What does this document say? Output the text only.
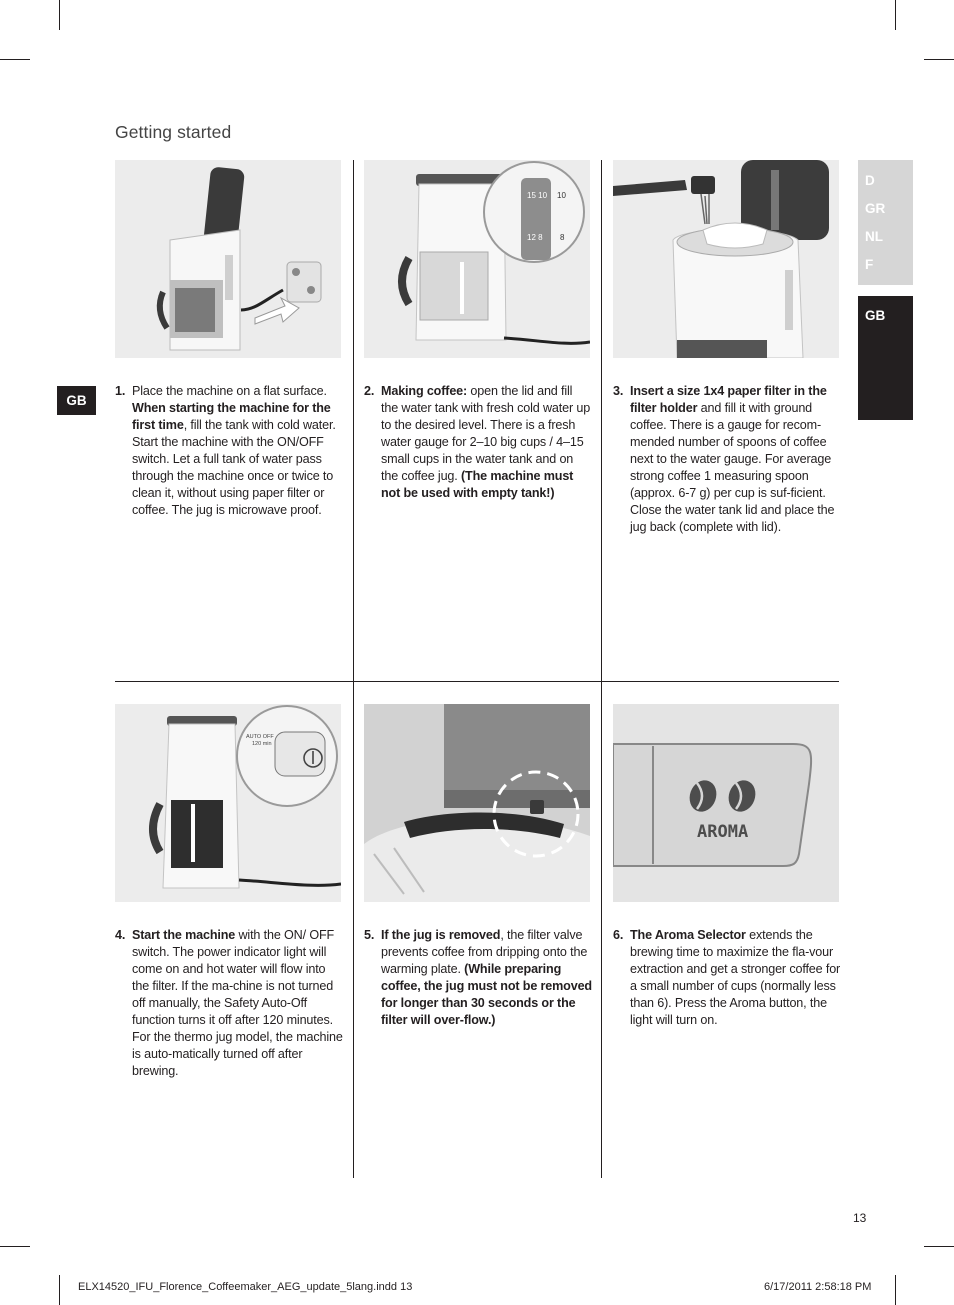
Getting started
D
GR
NL
F
GB
GB
15 10 10
12 8 8
AUTO OFF
120 min
AROMA
1. Place the machine on a flat surface. When starting the machine for the first time, fill the tank with cold water. Start the machine with the ON/OFF switch. Let a full tank of water pass through the machine once or twice to clean it, without using paper filter or coffee. The jug is microwave proof.
2. Making coffee: open the lid and fill the water tank with fresh cold water up to the desired level. There is a fresh water gauge for 2–10 big cups / 4–15 small cups in the water tank and on the coffee jug. (The machine must not be used with empty tank!)
3. Insert a size 1x4 paper filter in the filter holder and fill it with ground coffee. There is a gauge for recom-mended number of spoons of coffee next to the water gauge. For average strong coffee 1 measuring spoon (approx. 6-7 g) per cup is suf-ficient. Close the water tank lid and place the jug back (complete with lid).
4. Start the machine with the ON/ OFF switch. The power indicator light will come on and hot water will flow into the filter. If the ma-chine is not turned off manually, the Safety Auto-Off function turns it off after 120 minutes. For the thermo jug model, the machine is auto-matically turned off after brewing.
5. If the jug is removed, the filter valve prevents coffee from dripping onto the warming plate. (While preparing coffee, the jug must not be removed for longer than 30 seconds or the filter will over-flow.)
6. The Aroma Selector extends the brewing time to maximize the fla-vour extraction and get a stronger coffee for a small number of cups (normally less than 6). Press the Aroma button, the light will turn on.
13
ELX14520_IFU_Florence_Coffeemaker_AEG_update_5lang.indd 13	6/17/2011 2:58:18 PM
